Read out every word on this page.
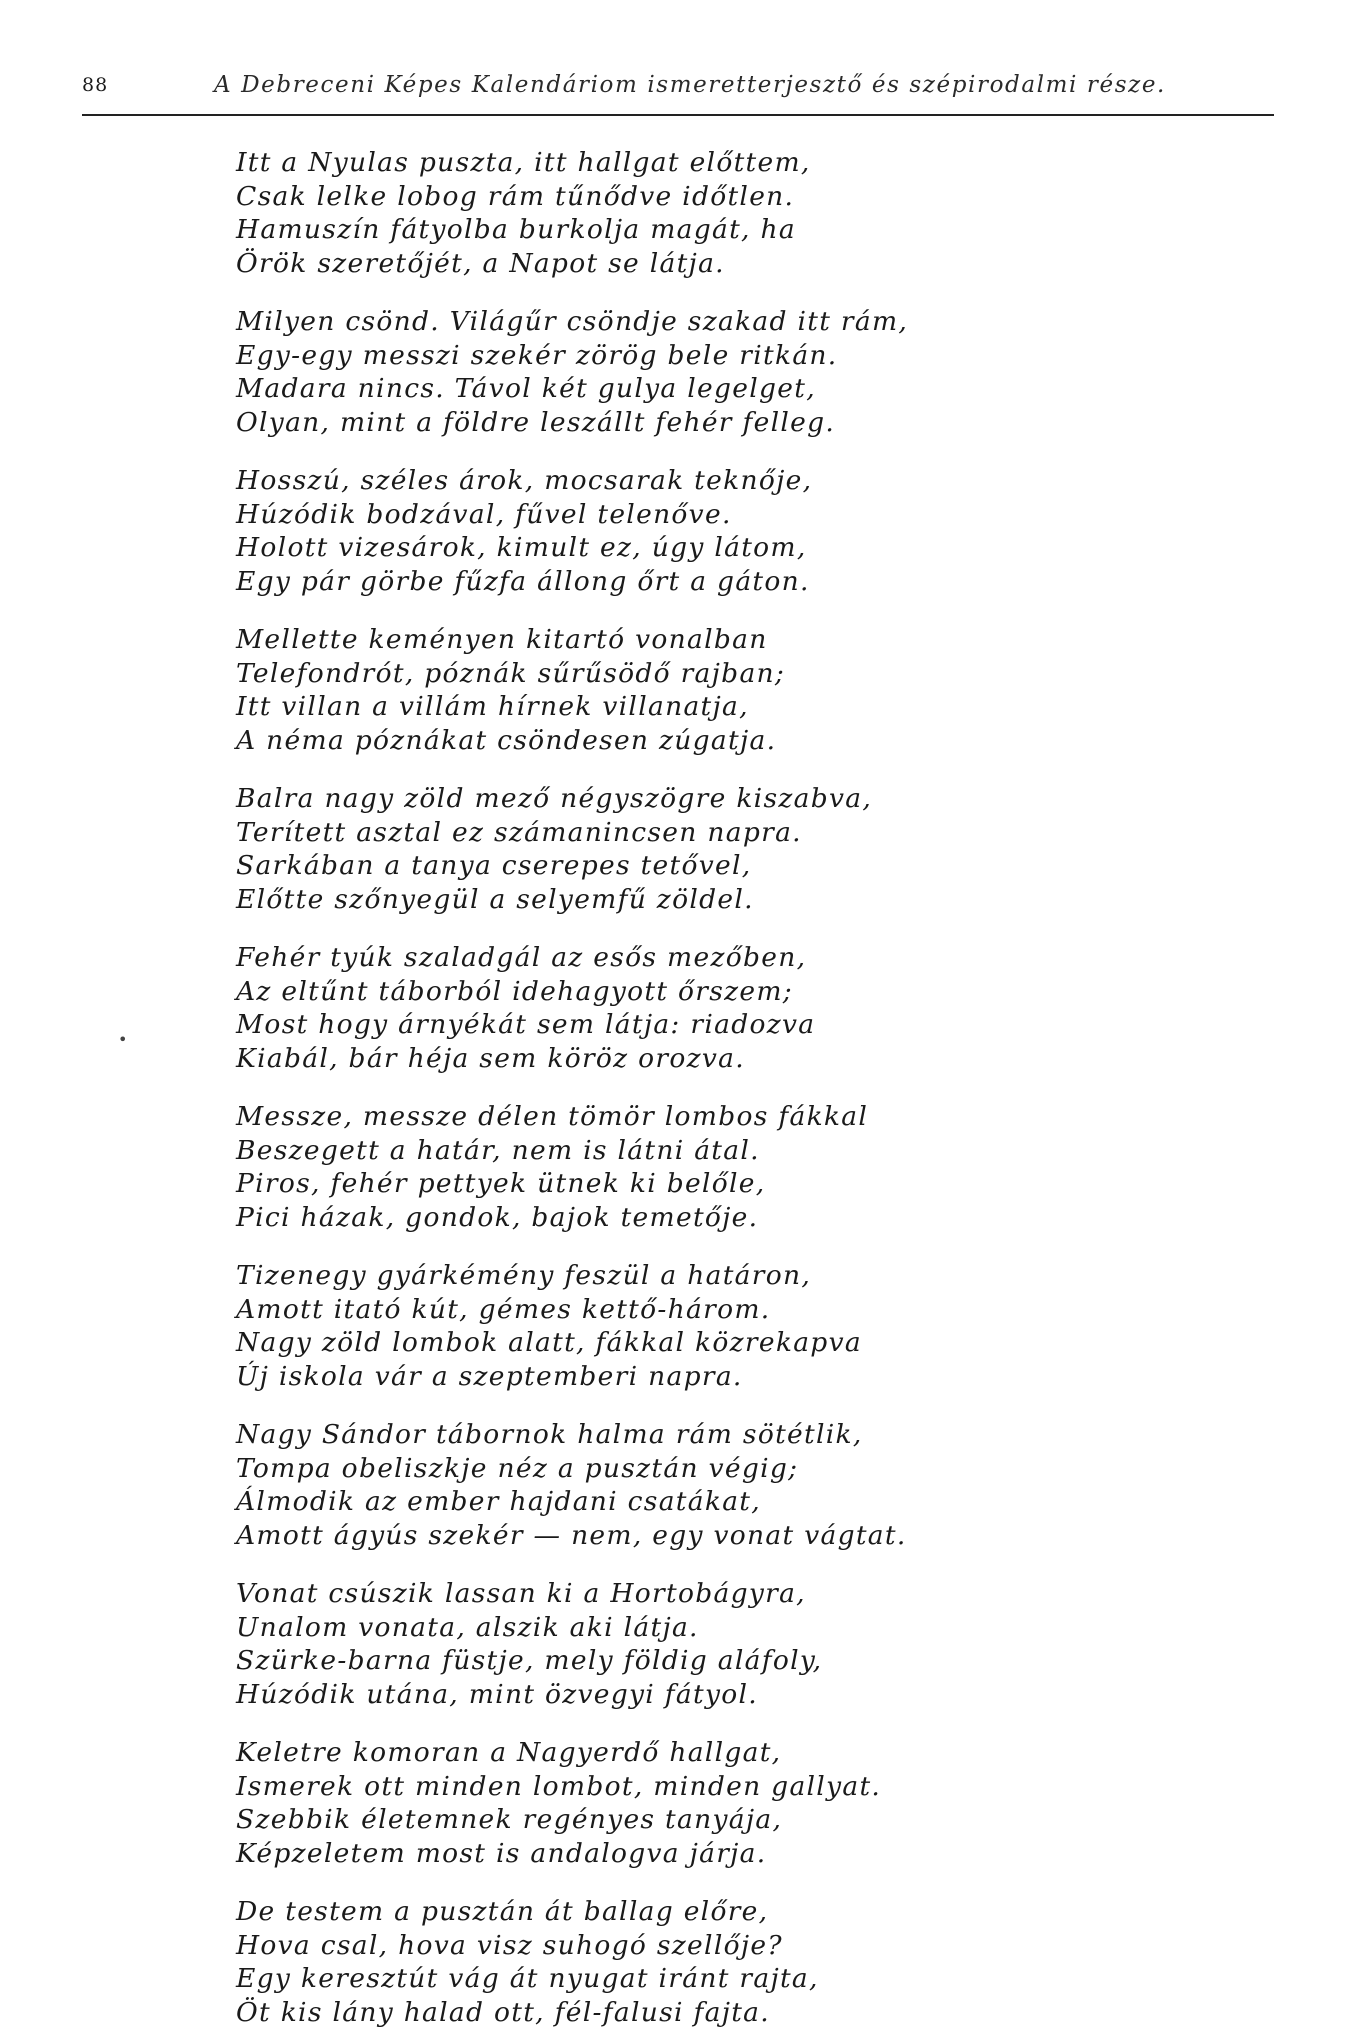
88	A Debreceni Képes Kalendáriom ismeretterjesztő és szépirodalmi része.
Itt a Nyulas puszta, itt hallgat előttem,
Csak lelke lobog rám tűnődve időtlen.
Hamuszín fátyolba burkolja magát, ha
Örök szeretőjét, a Napot se látja.
Milyen csönd. Világűr csöndje szakad itt rám,
Egy-egy messzi szekér zörög bele ritkán.
Madara nincs. Távol két gulya legelget,
Olyan, mint a földre leszállt fehér felleg.
Hosszú, széles árok, mocsarak teknője,
Húzódik bodzával, fűvel telenőve.
Holott vizesárok, kimult ez, úgy látom,
Egy pár görbe fűzfa állong őrt a gáton.
Mellette keményen kitartó vonalban
Telefondrót, póznák sűrűsödő rajban;
Itt villan a villám hírnek villanatja,
A néma póznákat csöndesen zúgatja.
Balra nagy zöld mező négyszögre kiszabva,
Terített asztal ez számanincsen napra.
Sarkában a tanya cserepes tetővel,
Előtte szőnyegül a selyemfű zöldel.
Fehér tyúk szaladgál az esős mezőben,
Az eltűnt táborból idehagyott őrszem;
Most hogy árnyékát sem látja: riadozva
Kiabál, bár héja sem köröz orozva.
Messze, messze délen tömör lombos fákkal
Beszegett a határ, nem is látni átal.
Piros, fehér pettyek ütnek ki belőle,
Pici házak, gondok, bajok temetője.
Tizenegy gyárkémény feszül a határon,
Amott itató kút, gémes kettő-három.
Nagy zöld lombok alatt, fákkal közrekapva
Új iskola vár a szeptemberi napra.
Nagy Sándor tábornok halma rám sötétlik,
Tompa obeliszkje néz a pusztán végig;
Álmodik az ember hajdani csatákat,
Amott ágyús szekér — nem, egy vonat vágtat.
Vonat csúszik lassan ki a Hortobágyra,
Unalom vonata, alszik aki látja.
Szürke-barna füstje, mely földig aláfoly,
Húzódik utána, mint özvegyi fátyol.
Keletre komoran a Nagyerdő hallgat,
Ismerek ott minden lombot, minden gallyat.
Szebbik életemnek regényes tanyája,
Képzeletem most is andalogva járja.
De testem a pusztán át ballag előre,
Hova csal, hova visz suhogó szellője?
Egy keresztút vág át nyugat iránt rajta,
Öt kis lány halad ott, fél-falusi fajta.
•
